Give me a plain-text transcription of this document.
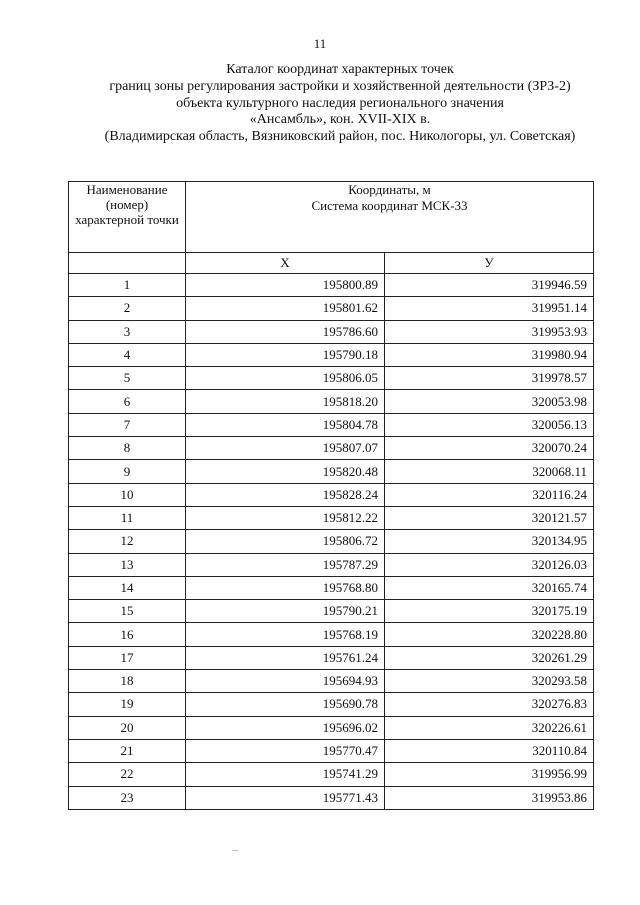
11
Каталог координат характерных точек
границ зоны регулирования застройки и хозяйственной деятельности (ЗРЗ-2)
объекта культурного наследия регионального значения
«Ансамбль», кон. XVII-XIX в.
(Владимирская область, Вязниковский район, пос. Никологоры, ул. Советская)
Наименование (номер) характерной точки	Координаты, м
Система координат МСК-33	

	X	У
1	195800.89	319946.59
2	195801.62	319951.14
3	195786.60	319953.93
4	195790.18	319980.94
5	195806.05	319978.57
6	195818.20	320053.98
7	195804.78	320056.13
8	195807.07	320070.24
9	195820.48	320068.11
10	195828.24	320116.24
11	195812.22	320121.57
12	195806.72	320134.95
13	195787.29	320126.03
14	195768.80	320165.74
15	195790.21	320175.19
16	195768.19	320228.80
17	195761.24	320261.29
18	195694.93	320293.58
19	195690.78	320276.83
20	195696.02	320226.61
21	195770.47	320110.84
22	195741.29	319956.99
23	195771.43	319953.86
